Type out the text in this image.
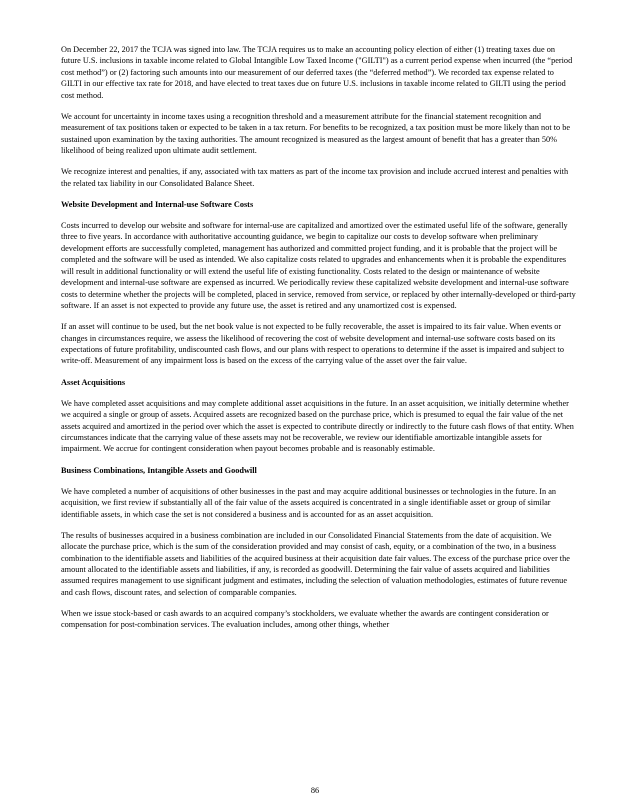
On December 22, 2017 the TCJA was signed into law. The TCJA requires us to make an accounting policy election of either (1) treating taxes due on future U.S. inclusions in taxable income related to Global Intangible Low Taxed Income ("GILTI") as a current period expense when incurred (the “period cost method”) or (2) factoring such amounts into our measurement of our deferred taxes (the “deferred method”). We recorded tax expense related to GILTI in our effective tax rate for 2018, and have elected to treat taxes due on future U.S. inclusions in taxable income related to GILTI using the period cost method.

We account for uncertainty in income taxes using a recognition threshold and a measurement attribute for the financial statement recognition and measurement of tax positions taken or expected to be taken in a tax return. For benefits to be recognized, a tax position must be more likely than not to be sustained upon examination by the taxing authorities. The amount recognized is measured as the largest amount of benefit that has a greater than 50% likelihood of being realized upon ultimate audit settlement.

We recognize interest and penalties, if any, associated with tax matters as part of the income tax provision and include accrued interest and penalties with the related tax liability in our Consolidated Balance Sheet.

Website Development and Internal-use Software Costs

Costs incurred to develop our website and software for internal-use are capitalized and amortized over the estimated useful life of the software, generally three to five years. In accordance with authoritative accounting guidance, we begin to capitalize our costs to develop software when preliminary development efforts are successfully completed, management has authorized and committed project funding, and it is probable that the project will be completed and the software will be used as intended. We also capitalize costs related to upgrades and enhancements when it is probable the expenditures will result in additional functionality or will extend the useful life of existing functionality. Costs related to the design or maintenance of website development and internal-use software are expensed as incurred. We periodically review these capitalized website development and internal-use software costs to determine whether the projects will be completed, placed in service, removed from service, or replaced by other internally-developed or third-party software. If an asset is not expected to provide any future use, the asset is retired and any unamortized cost is expensed.

If an asset will continue to be used, but the net book value is not expected to be fully recoverable, the asset is impaired to its fair value. When events or changes in circumstances require, we assess the likelihood of recovering the cost of website development and internal-use software costs based on its expectations of future profitability, undiscounted cash flows, and our plans with respect to operations to determine if the asset is impaired and subject to write-off. Measurement of any impairment loss is based on the excess of the carrying value of the asset over the fair value.

Asset Acquisitions

We have completed asset acquisitions and may complete additional asset acquisitions in the future. In an asset acquisition, we initially determine whether we acquired a single or group of assets. Acquired assets are recognized based on the purchase price, which is presumed to equal the fair value of the net assets acquired and amortized in the period over which the asset is expected to contribute directly or indirectly to the future cash flows of that entity. When circumstances indicate that the carrying value of these assets may not be recoverable, we review our identifiable amortizable intangible assets for impairment. We accrue for contingent consideration when payout becomes probable and is reasonably estimable.

Business Combinations, Intangible Assets and Goodwill

We have completed a number of acquisitions of other businesses in the past and may acquire additional businesses or technologies in the future. In an acquisition, we first review if substantially all of the fair value of the assets acquired is concentrated in a single identifiable asset or group of similar identifiable assets, in which case the set is not considered a business and is accounted for as an asset acquisition.

The results of businesses acquired in a business combination are included in our Consolidated Financial Statements from the date of acquisition. We allocate the purchase price, which is the sum of the consideration provided and may consist of cash, equity, or a combination of the two, in a business combination to the identifiable assets and liabilities of the acquired business at their acquisition date fair values. The excess of the purchase price over the amount allocated to the identifiable assets and liabilities, if any, is recorded as goodwill. Determining the fair value of assets acquired and liabilities assumed requires management to use significant judgment and estimates, including the selection of valuation methodologies, estimates of future revenue and cash flows, discount rates, and selection of comparable companies.

When we issue stock-based or cash awards to an acquired company’s stockholders, we evaluate whether the awards are contingent consideration or compensation for post-combination services. The evaluation includes, among other things, whether

86
